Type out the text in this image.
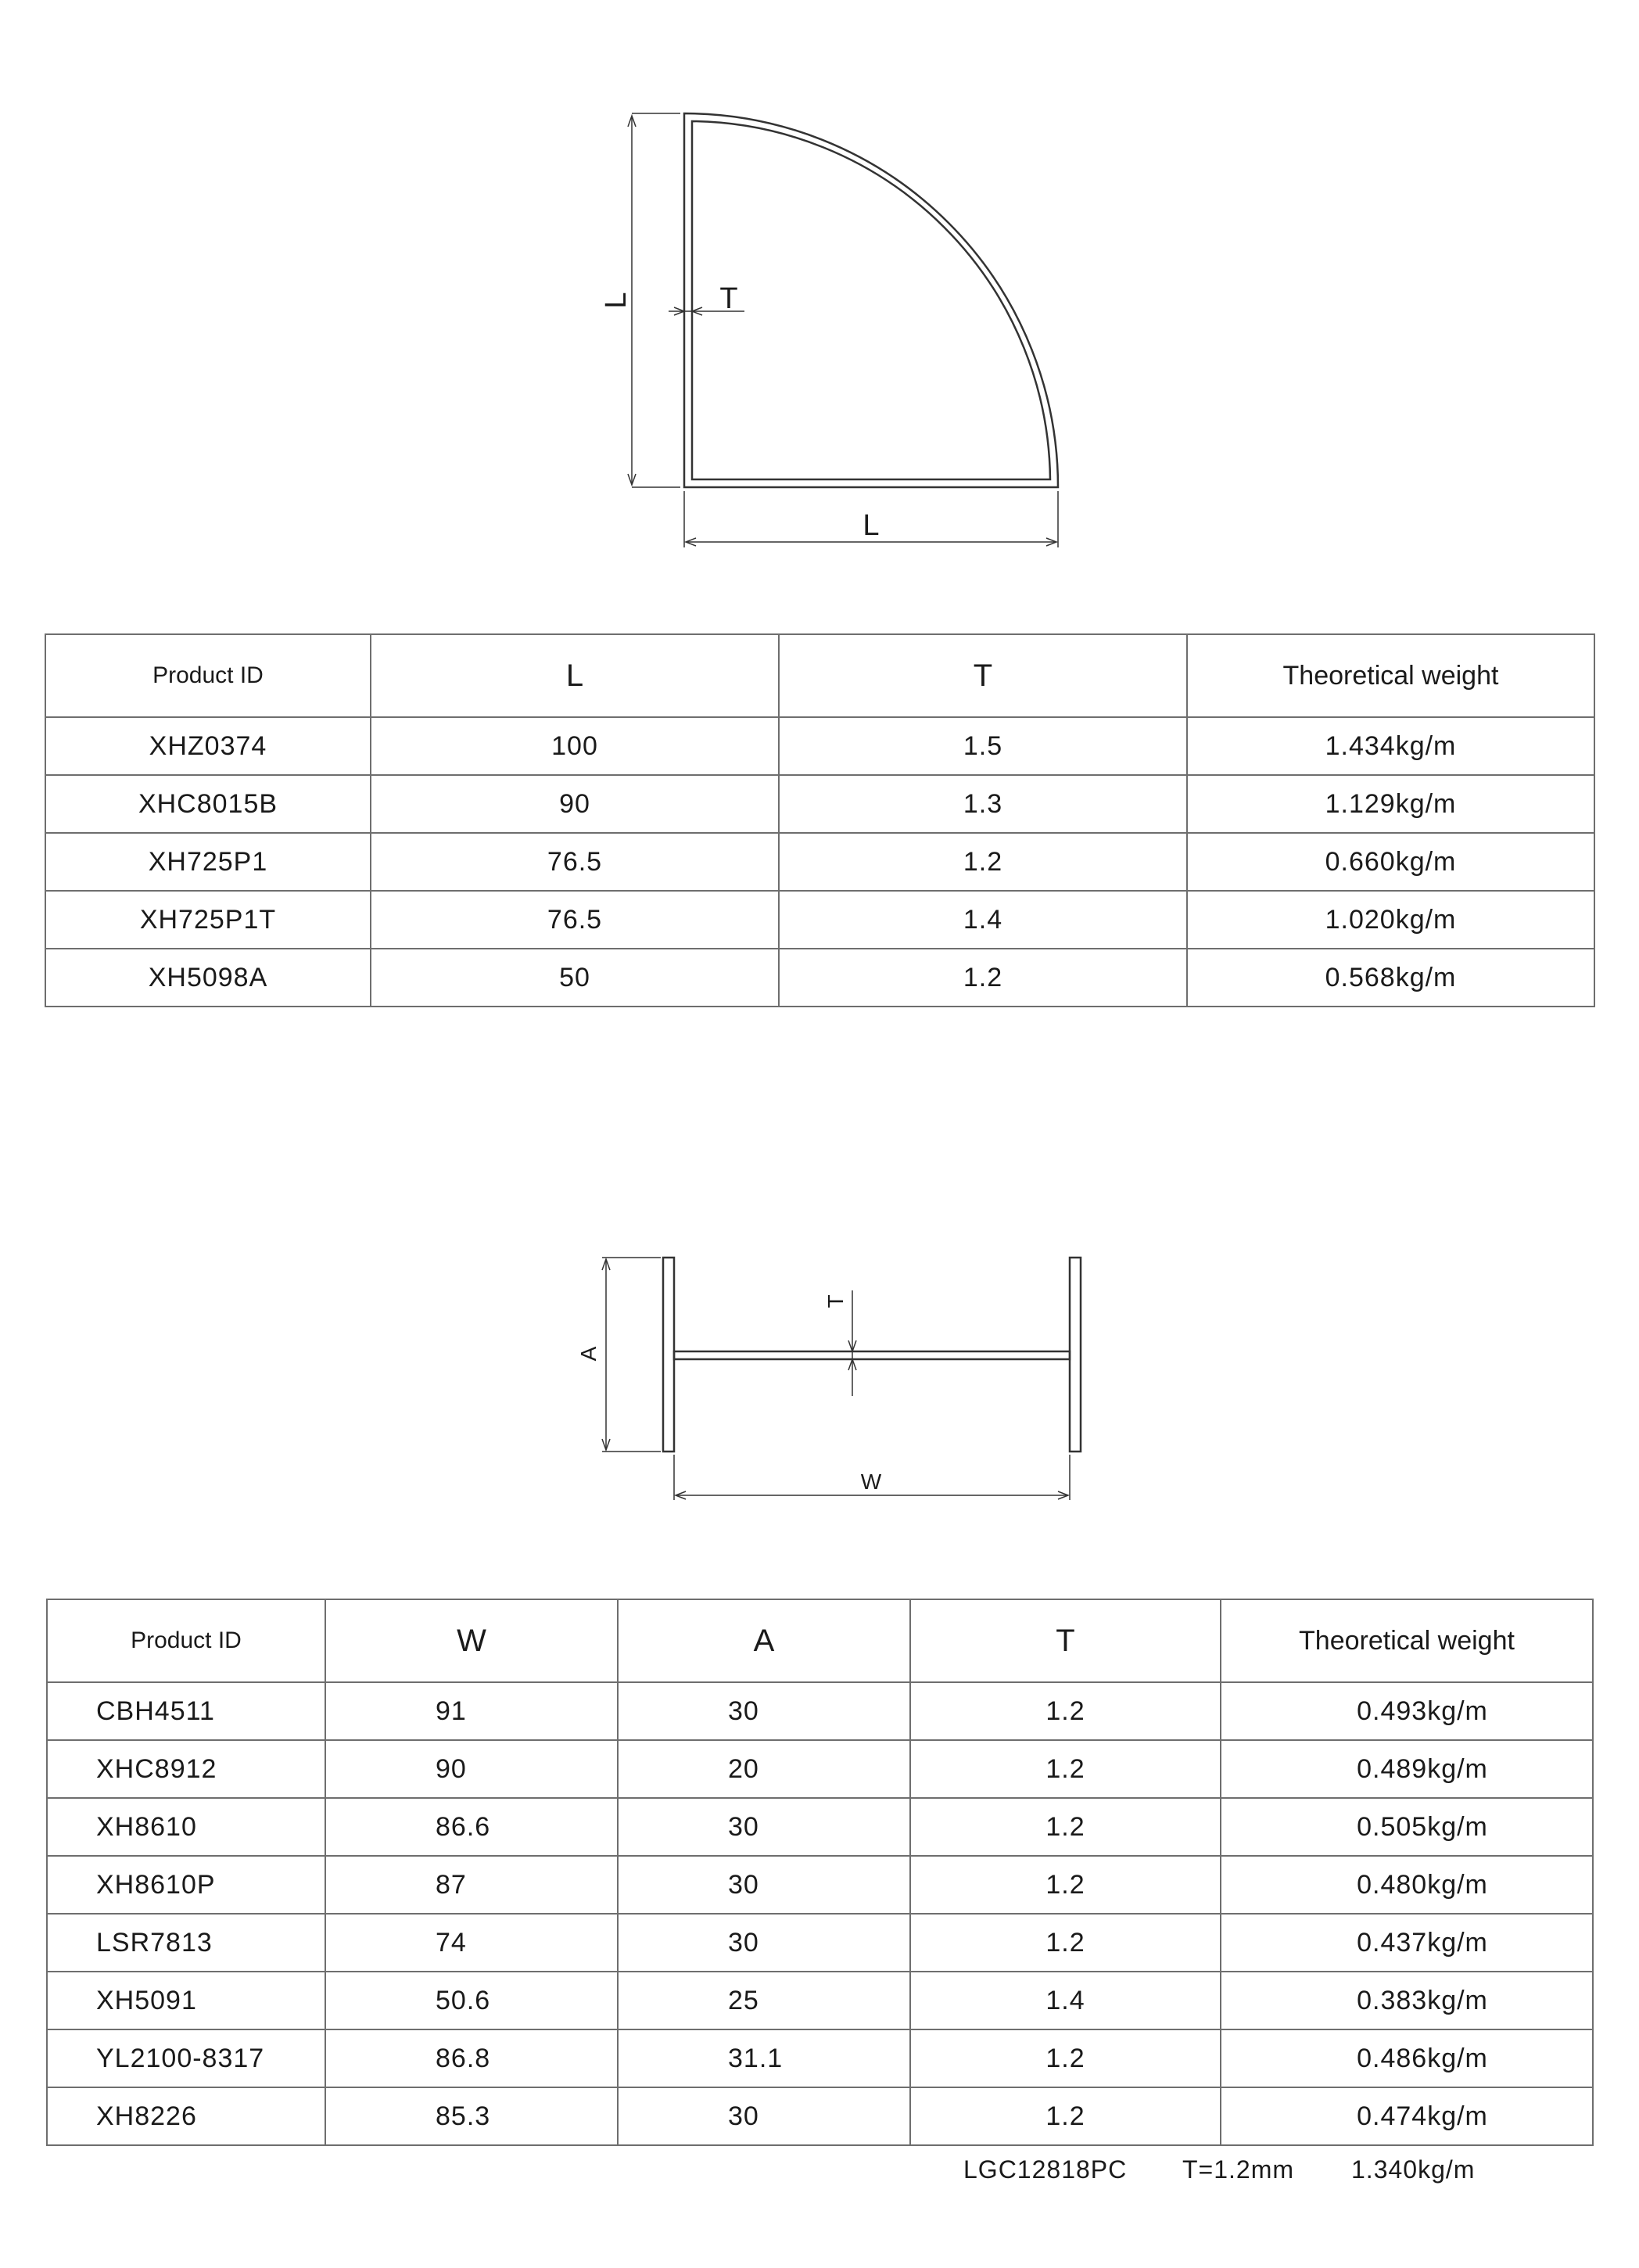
L	T
L
A
T
W
Product ID	L	T	Theoretical weight
XHZ0374	100	1.5	1.434kg/m
XHC8015B	90	1.3	1.129kg/m
XH725P1	76.5	1.2	0.660kg/m
XH725P1T	76.5	1.4	1.020kg/m
XH5098A	50	1.2	0.568kg/m
Product ID	W	A	T	Theoretical weight
CBH4511	91	30	1.2	0.493kg/m
XHC8912	90	20	1.2	0.489kg/m
XH8610	86.6	30	1.2	0.505kg/m
XH8610P	87	30	1.2	0.480kg/m
LSR7813	74	30	1.2	0.437kg/m
XH5091	50.6	25	1.4	0.383kg/m
YL2100-8317	86.8	31.1	1.2	0.486kg/m
XH8226	85.3	30	1.2	0.474kg/m
LGC12818PC T=1.2mm 1.340kg/m
